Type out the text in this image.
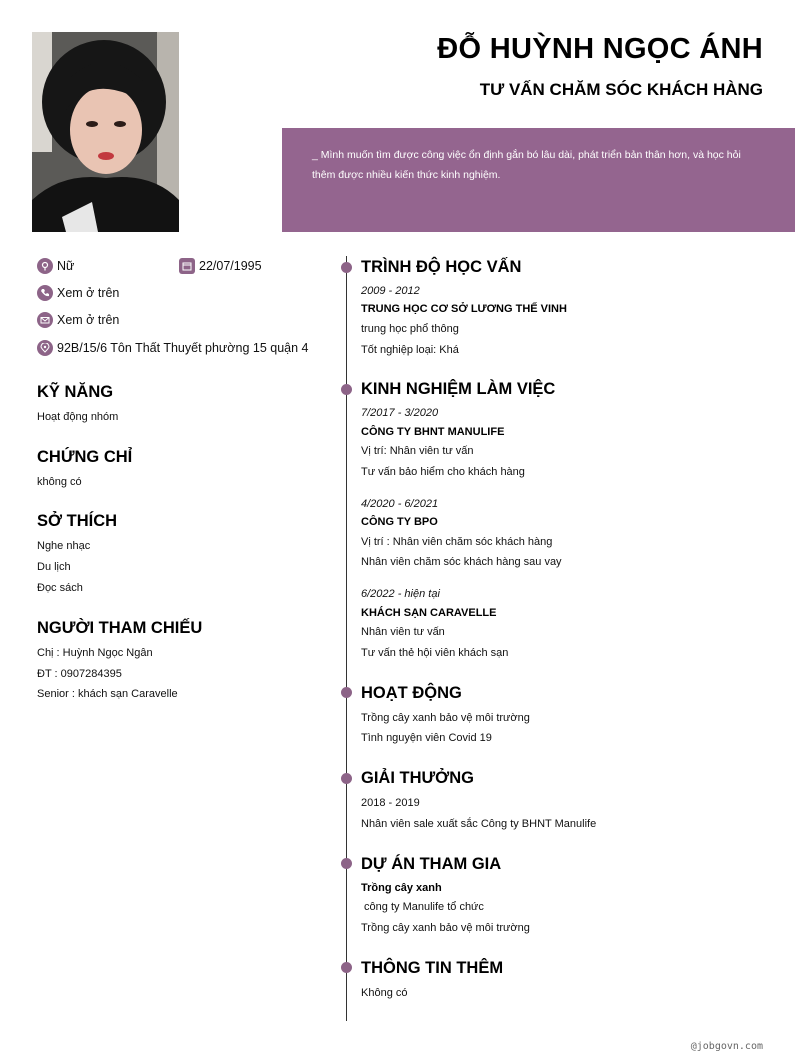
ĐỖ HUỲNH NGỌC ÁNH
TƯ VẤN CHĂM SÓC KHÁCH HÀNG
_ Mình muốn tìm được công việc ổn định gắn bó lâu dài, phát triển bản thân hơn, và học hỏi thêm được nhiều kiến thức kinh nghiệm.
Nữ	22/07/1995
Xem ở trên
Xem ở trên
92B/15/6 Tôn Thất Thuyết phường 15 quận 4
KỸ NĂNG
Hoạt động nhóm
CHỨNG CHỈ
không có
SỞ THÍCH
Nghe nhạc
Du lịch
Đọc sách
NGƯỜI THAM CHIẾU
Chị : Huỳnh Ngọc Ngân
ĐT : 0907284395
Senior : khách sạn Caravelle
TRÌNH ĐỘ HỌC VẤN
2009 - 2012
TRUNG HỌC CƠ SỞ LƯƠNG THẾ VINH
trung học phổ thông
Tốt nghiệp loại: Khá
KINH NGHIỆM LÀM VIỆC
7/2017 - 3/2020
CÔNG TY BHNT MANULIFE
Vị trí: Nhân viên tư vấn
Tư vấn bảo hiểm cho khách hàng
4/2020 - 6/2021
CÔNG TY BPO
Vị trí : Nhân viên chăm sóc khách hàng
Nhân viên chăm sóc khách hàng sau vay
6/2022 - hiện tại
KHÁCH SẠN CARAVELLE
Nhân viên tư vấn
Tư vấn thẻ hội viên khách sạn
HOẠT ĐỘNG
Trồng cây xanh bảo vệ môi trường
Tình nguyện viên Covid 19
GIẢI THƯỞNG
2018 - 2019
Nhân viên sale xuất sắc Công ty BHNT Manulife
DỰ ÁN THAM GIA
Trồng cây xanh
công ty Manulife tổ chức
Trồng cây xanh bảo vệ môi trường
THÔNG TIN THÊM
Không có
@jobgovn.com
